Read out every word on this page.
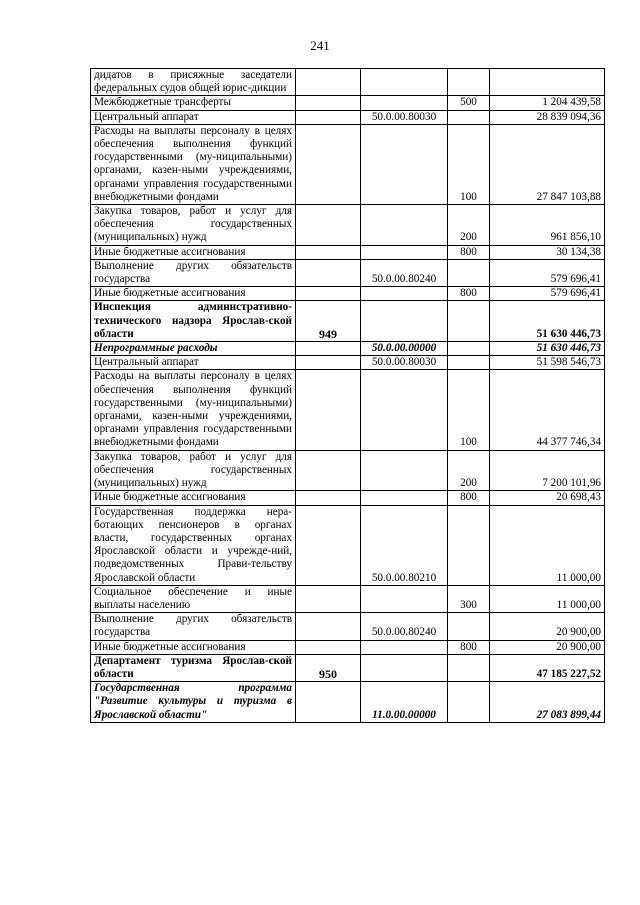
241
дидатов в присяжные заседатели федеральных судов общей юрис-дикции				
Межбюджетные трансферты			500	1 204 439,58
Центральный аппарат		50.0.00.80030		28 839 094,36
Расходы на выплаты персоналу в целях обеспечения выполнения функций государственными (му-ниципальными) органами, казен-ными учреждениями, органами управления государственными внебюджетными фондами			100	27 847 103,88
Закупка товаров, работ и услуг для обеспечения государственных (муниципальных) нужд			200	961 856,10
Иные бюджетные ассигнования			800	30 134,38
Выполнение других обязательств государства		50.0.00.80240		579 696,41
Иные бюджетные ассигнования			800	579 696,41
Инспекция административно-технического надзора Ярослав-ской области	949			51 630 446,73
Непрограммные расходы		50.0.00.00000		51 630 446,73
Центральный аппарат		50.0.00.80030		51 598 546,73
Расходы на выплаты персоналу в целях обеспечения выполнения функций государственными (му-ниципальными) органами, казен-ными учреждениями, органами управления государственными внебюджетными фондами			100	44 377 746,34
Закупка товаров, работ и услуг для обеспечения государственных (муниципальных) нужд			200	7 200 101,96
Иные бюджетные ассигнования			800	20 698,43
Государственная поддержка нера-ботающих пенсионеров в органах власти, государственных органах Ярославской области и учрежде-ний, подведомственных Прави-тельству Ярославской области		50.0.00.80210		11 000,00
Социальное обеспечение и иные выплаты населению			300	11 000,00
Выполнение других обязательств государства		50.0.00.80240		20 900,00
Иные бюджетные ассигнования			800	20 900,00
Департамент туризма Ярослав-ской области	950			47 185 227,52
Государственная программа "Развитие культуры и туризма в Ярославской области"		11.0.00.00000		27 083 899,44
